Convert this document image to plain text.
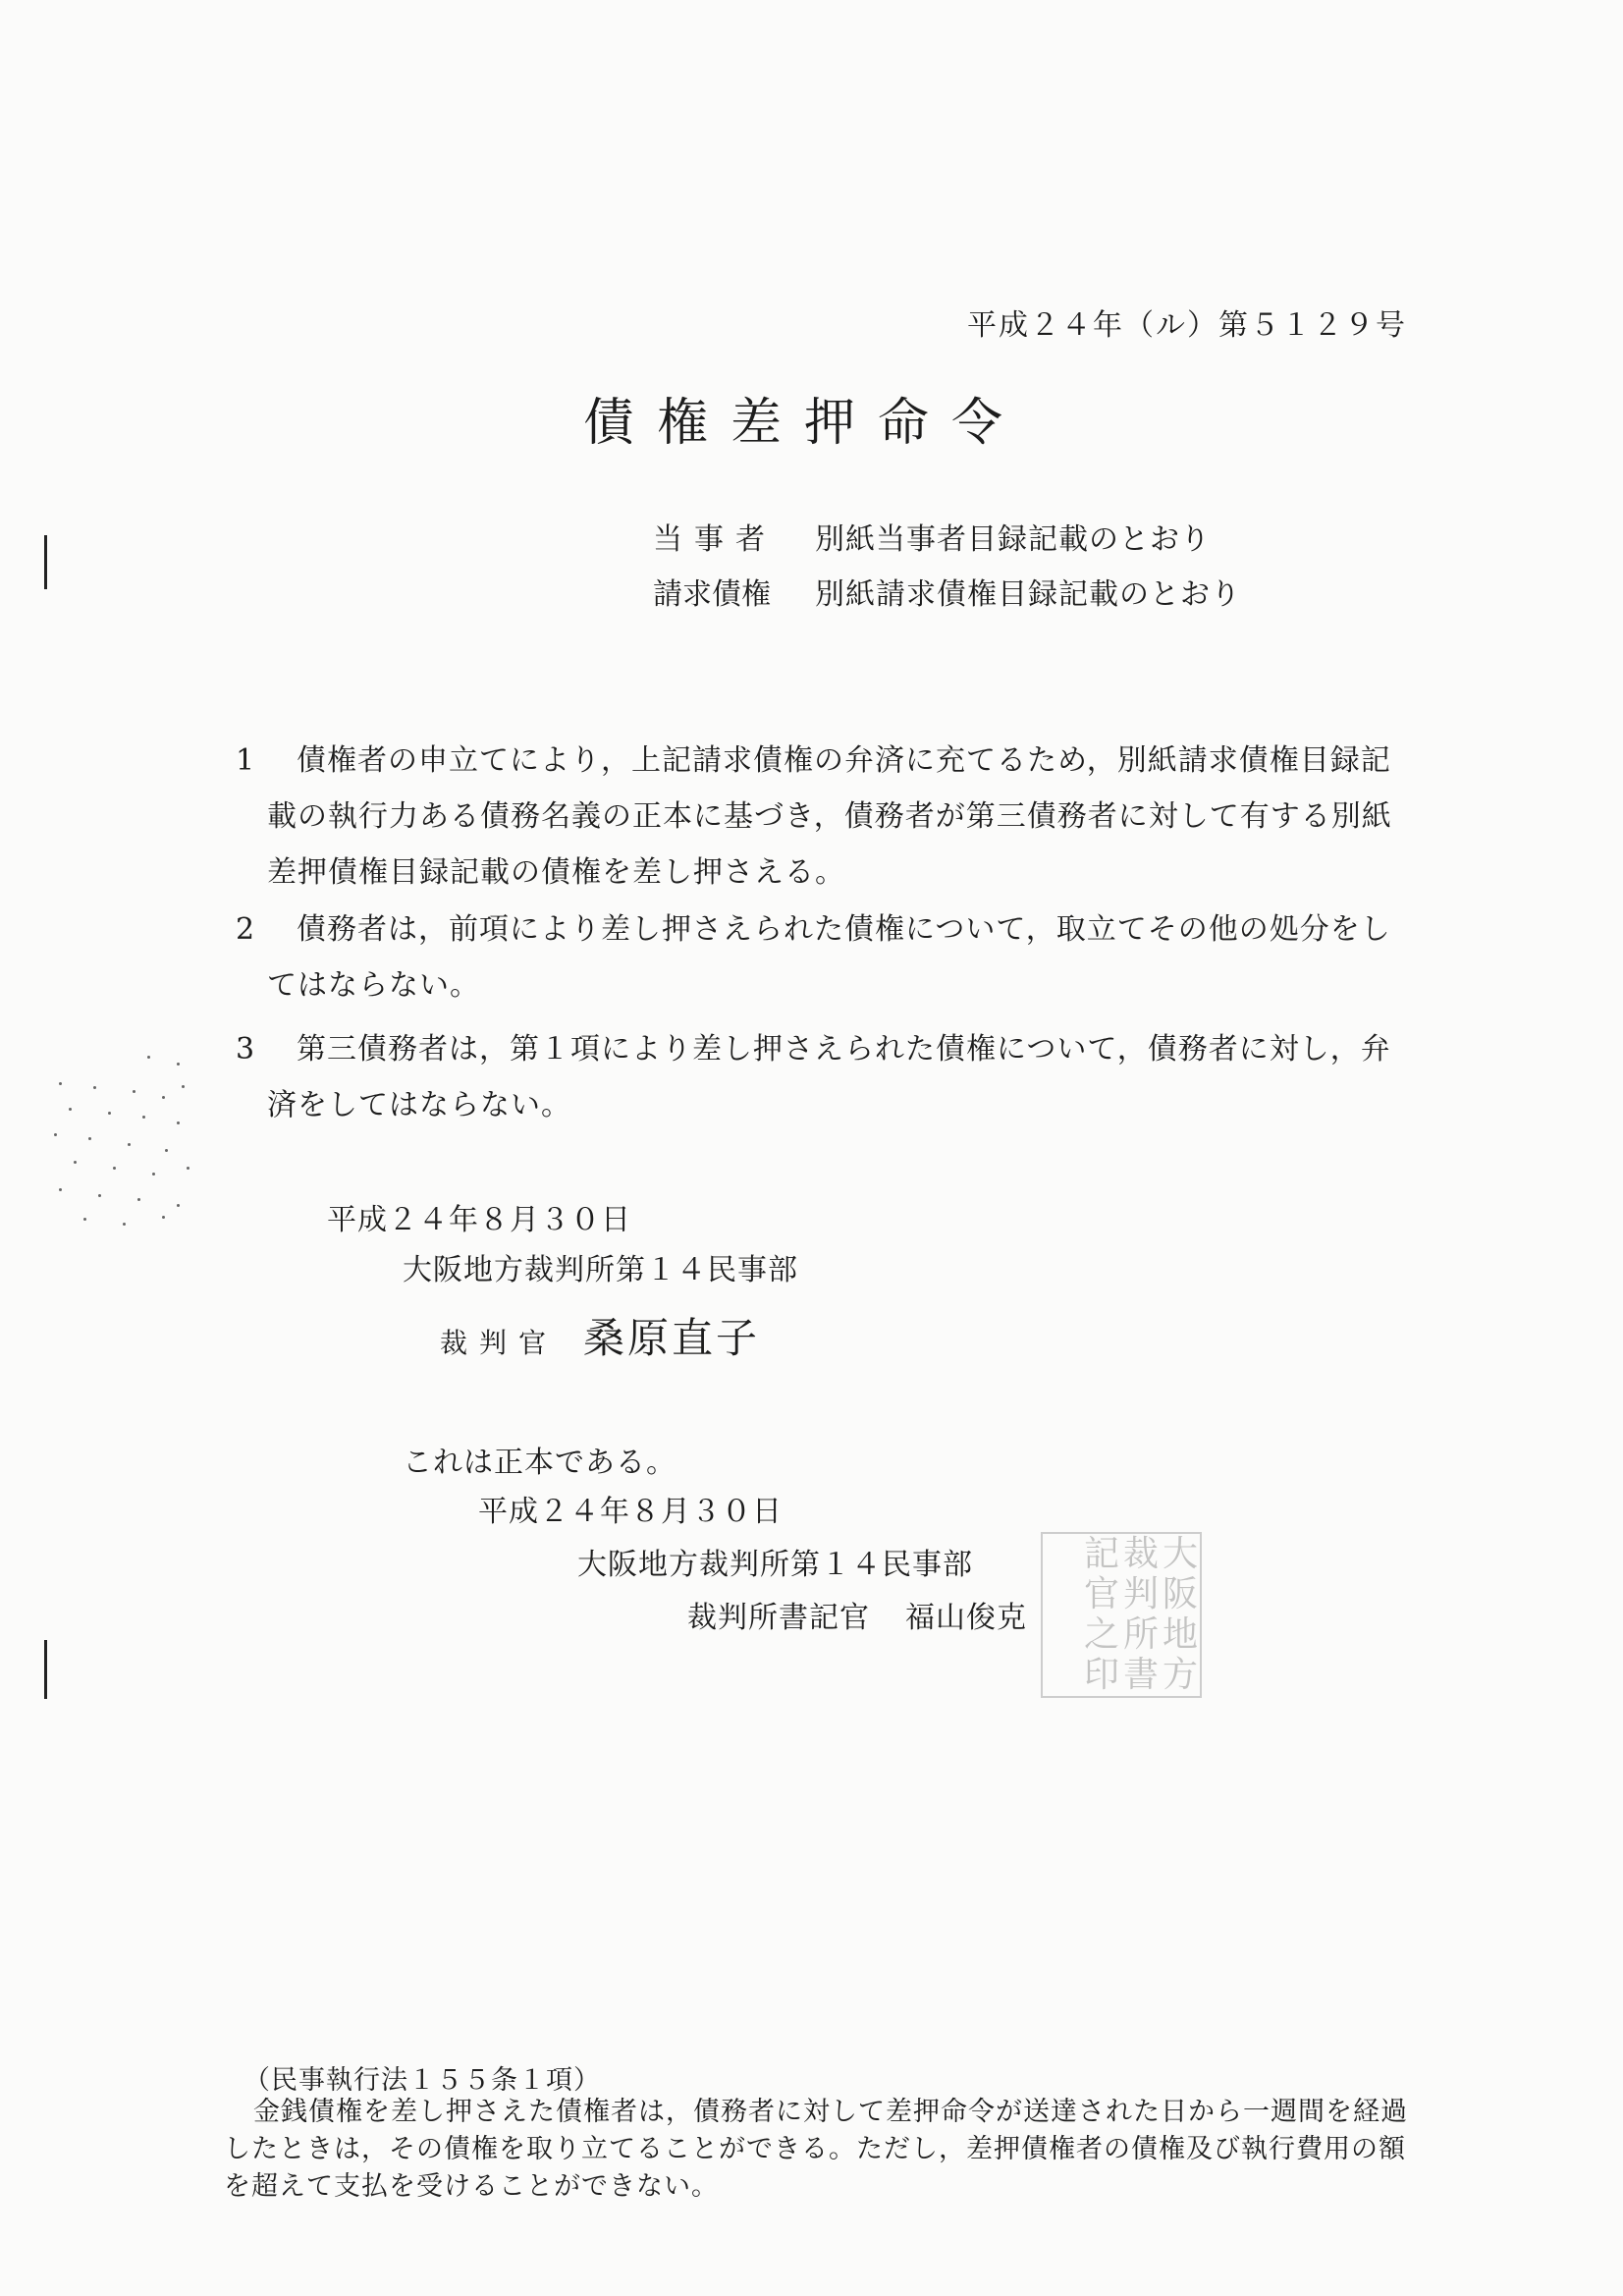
平成２４年（ル）第５１２９号
債権差押命令
当事者 別紙当事者目録記載のとおり
請求債権 別紙請求債権目録記載のとおり
1	債権者の申立てにより，上記請求債権の弁済に充てるため，別紙請求債権目録記載の執行力ある債務名義の正本に基づき，債務者が第三債務者に対して有する別紙差押債権目録記載の債権を差し押さえる。
2	債務者は，前項により差し押さえられた債権について，取立てその他の処分をしてはならない。
3	第三債務者は，第１項により差し押さえられた債権について，債務者に対し，弁済をしてはならない。
平成２４年８月３０日
大阪地方裁判所第１４民事部
裁判官 桑原直子
これは正本である。
平成２４年８月３０日
大阪地方裁判所第１４民事部
裁判所書記官 福山俊克
記 裁 大
官 判 阪
之 所 地
印 書 方
（民事執行法１５５条１項）
金銭債権を差し押さえた債権者は，債務者に対して差押命令が送達された日から一週間を経過したときは，その債権を取り立てることができる。ただし，差押債権者の債権及び執行費用の額を超えて支払を受けることができない。
